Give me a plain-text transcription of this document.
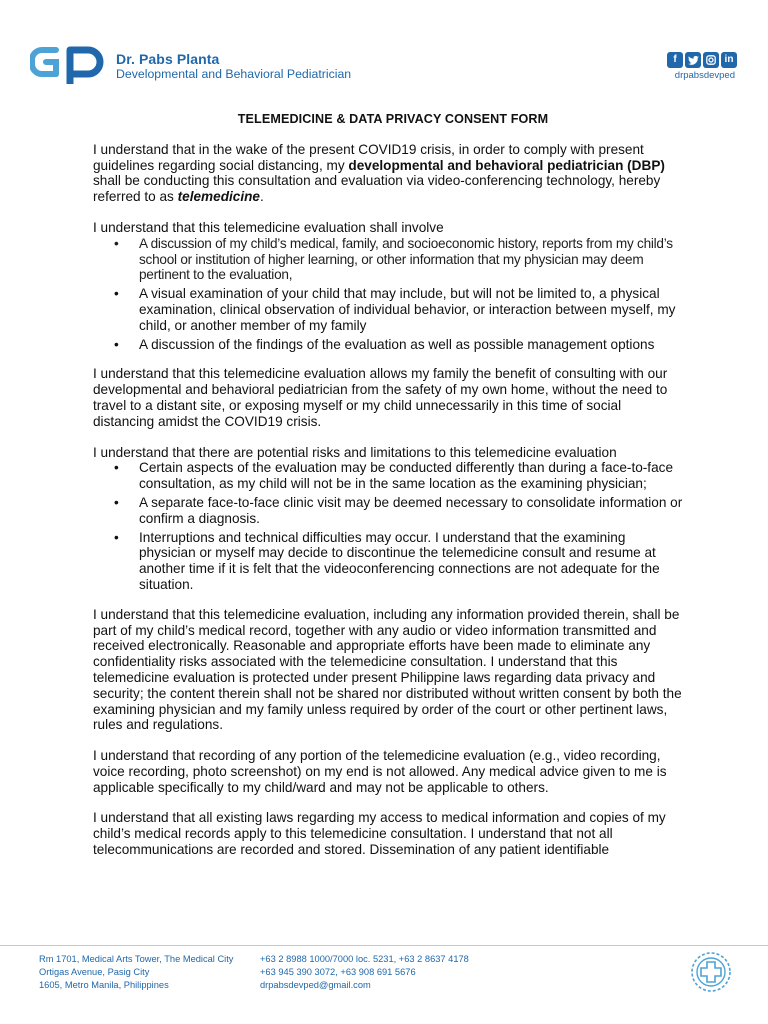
Dr. Pabs Planta
Developmental and Behavioral Pediatrician
f	in
drpabsdevped
TELEMEDICINE & DATA PRIVACY CONSENT FORM
I understand that in the wake of the present COVID19 crisis, in order to comply with present guidelines regarding social distancing, my developmental and behavioral pediatrician (DBP) shall be conducting this consultation and evaluation via video-conferencing technology, hereby referred to as telemedicine.
I understand that this telemedicine evaluation shall involve
• A discussion of my child’s medical, family, and socioeconomic history, reports from my child’s school or institution of higher learning, or other information that my physician may deem pertinent to the evaluation,
• A visual examination of your child that may include, but will not be limited to, a physical examination, clinical observation of individual behavior, or interaction between myself, my child, or another member of my family
• A discussion of the findings of the evaluation as well as possible management options
I understand that this telemedicine evaluation allows my family the benefit of consulting with our developmental and behavioral pediatrician from the safety of my own home, without the need to travel to a distant site, or exposing myself or my child unnecessarily in this time of social distancing amidst the COVID19 crisis.
I understand that there are potential risks and limitations to this telemedicine evaluation
• Certain aspects of the evaluation may be conducted differently than during a face-to-face consultation, as my child will not be in the same location as the examining physician;
• A separate face-to-face clinic visit may be deemed necessary to consolidate information or confirm a diagnosis.
• Interruptions and technical difficulties may occur. I understand that the examining physician or myself may decide to discontinue the telemedicine consult and resume at another time if it is felt that the videoconferencing connections are not adequate for the situation.
I understand that this telemedicine evaluation, including any information provided therein, shall be part of my child’s medical record, together with any audio or video information transmitted and received electronically. Reasonable and appropriate efforts have been made to eliminate any confidentiality risks associated with the telemedicine consultation. I understand that this telemedicine evaluation is protected under present Philippine laws regarding data privacy and security; the content therein shall not be shared nor distributed without written consent by both the examining physician and my family unless required by order of the court or other pertinent laws, rules and regulations.
I understand that recording of any portion of the telemedicine evaluation (e.g., video recording, voice recording, photo screenshot) on my end is not allowed. Any medical advice given to me is applicable specifically to my child/ward and may not be applicable to others.
I understand that all existing laws regarding my access to medical information and copies of my child’s medical records apply to this telemedicine consultation. I understand that not all telecommunications are recorded and stored. Dissemination of any patient identifiable
Rm 1701, Medical Arts Tower, The Medical City
Ortigas Avenue, Pasig City
1605, Metro Manila, Philippines
+63 2 8988 1000/7000 loc. 5231, +63 2 8637 4178
+63 945 390 3072, +63 908 691 5676
drpabsdevped@gmail.com
